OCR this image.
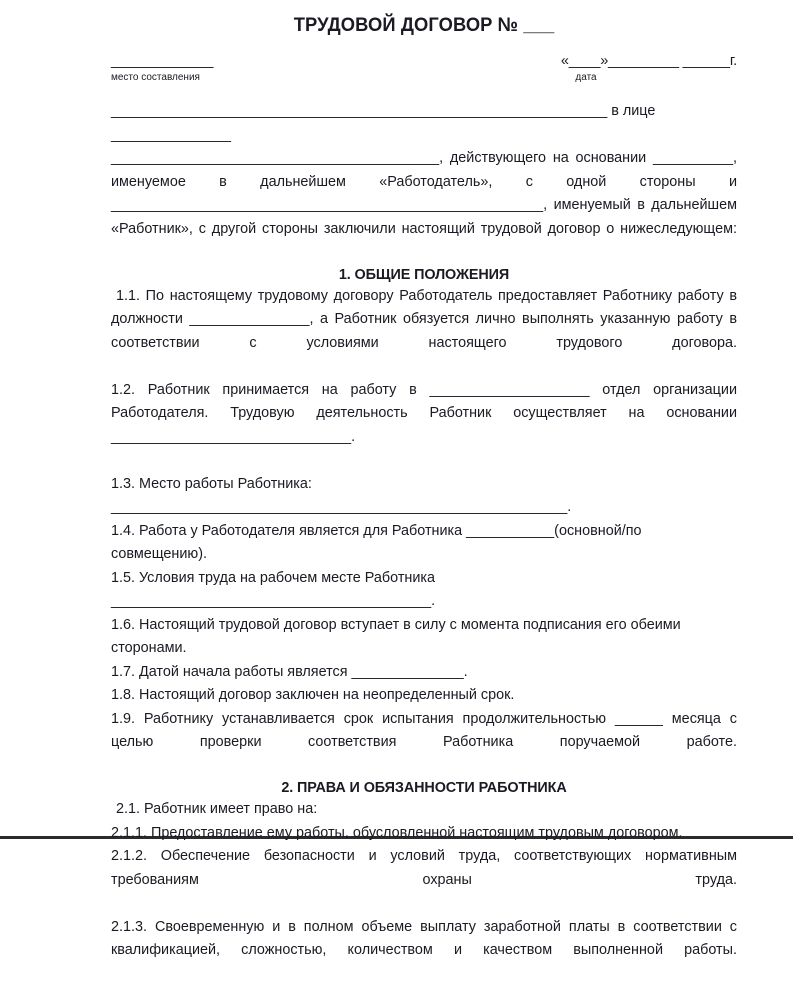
ТРУДОВОЙ ДОГОВОР № ___
_____________
место составления
«____»_________ ______г.
дата

______________________________________________________________ в лице _______________

_________________________________________, действующего на основании __________, именуемое в дальнейшем «Работодатель», с одной стороны и ______________________________________________________, именуемый в дальнейшем «Работник», с другой стороны заключили настоящий трудовой договор о нижеследующем:

1. ОБЩИЕ ПОЛОЖЕНИЯ

1.1. По настоящему трудовому договору Работодатель предоставляет Работнику работу в должности _______________, а Работник обязуется лично выполнять указанную работу в соответствии с условиями настоящего трудового договора.

1.2. Работник принимается на работу в ____________________ отдел организации Работодателя. Трудовую деятельность Работник осуществляет на основании ______________________________.

1.3. Место работы Работника: _________________________________________________________.

1.4. Работа у Работодателя является для Работника ___________(основной/по совмещению).

1.5. Условия труда на рабочем месте Работника ________________________________________.

1.6. Настоящий трудовой договор вступает в силу с момента подписания его обеими сторонами.

1.7. Датой начала работы является ______________.

1.8. Настоящий договор заключен на неопределенный срок.

1.9. Работнику устанавливается срок испытания продолжительностью ______ месяца с целью проверки соответствия Работника поручаемой работе.

2. ПРАВА И ОБЯЗАННОСТИ РАБОТНИКА

2.1. Работник имеет право на:

2.1.1. Предоставление ему работы, обусловленной настоящим трудовым договором.

2.1.2. Обеспечение безопасности и условий труда, соответствующих нормативным требованиям охраны труда.

2.1.3. Своевременную и в полном объеме выплату заработной платы в соответствии с квалификацией, сложностью, количеством и качеством выполненной работы.
